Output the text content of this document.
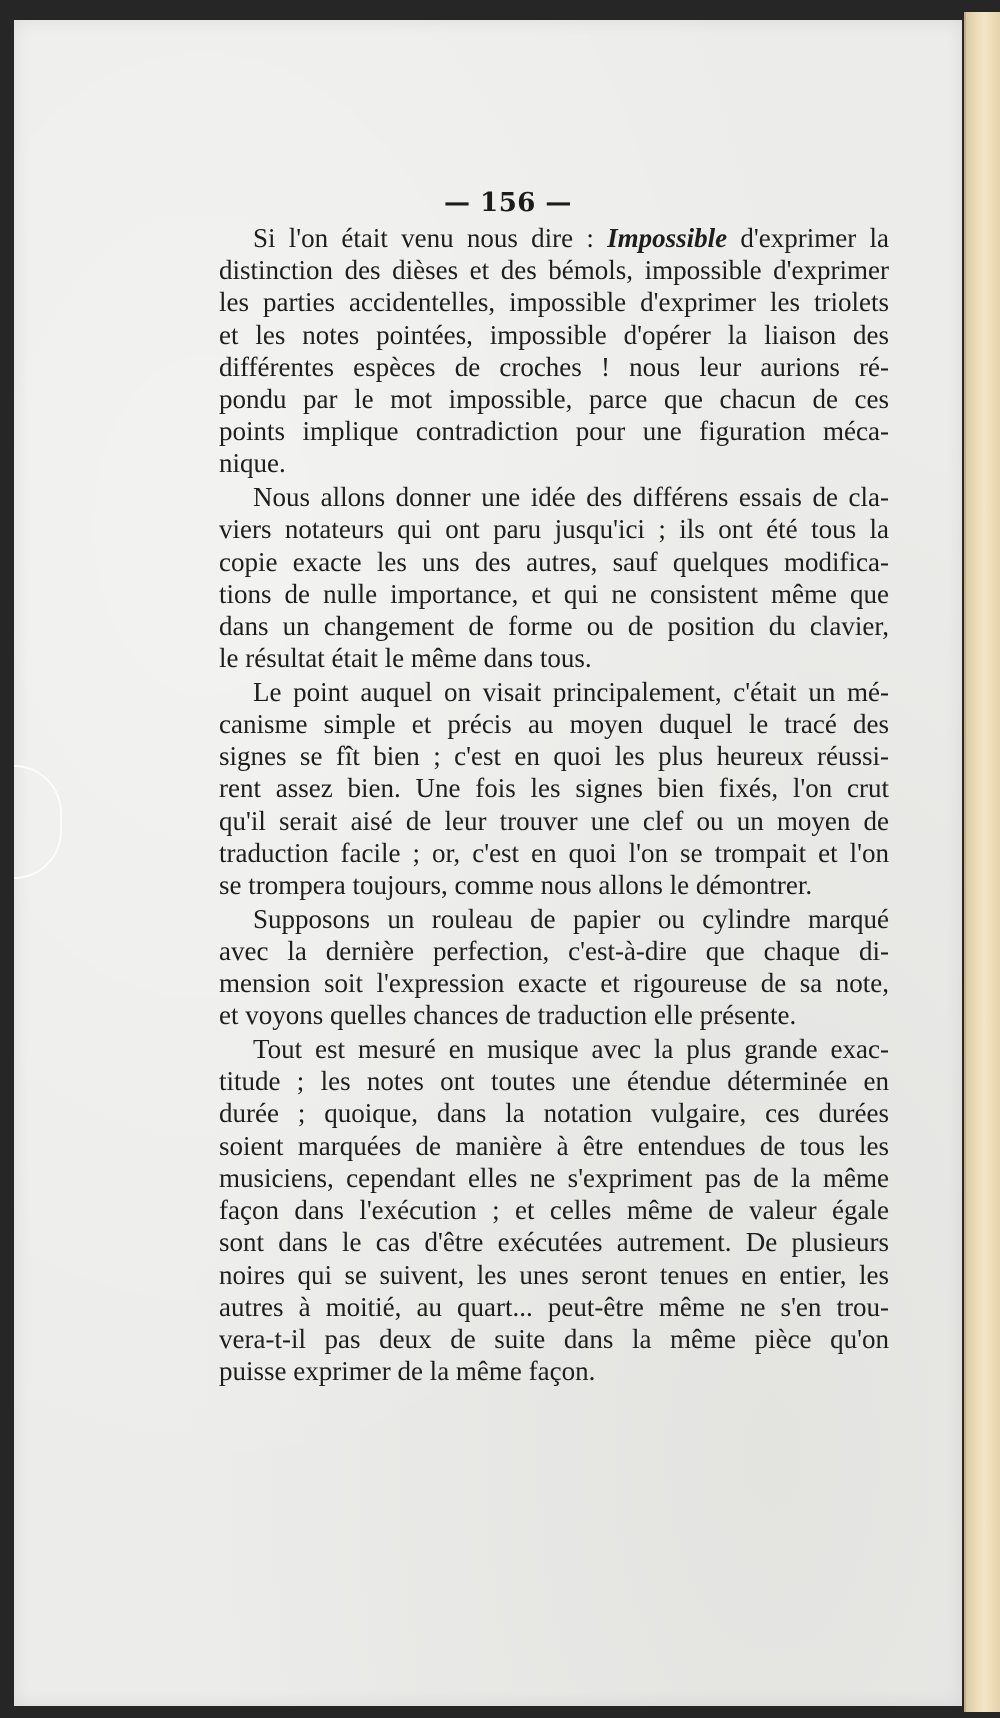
— 156 —
Si l'on était venu nous dire : Impossible d'exprimer la
distinction des dièses et des bémols, impossible d'exprimer
les parties accidentelles, impossible d'exprimer les triolets
et les notes pointées, impossible d'opérer la liaison des
différentes espèces de croches ! nous leur aurions ré-
pondu par le mot impossible, parce que chacun de ces
points implique contradiction pour une figuration méca-
nique.
Nous allons donner une idée des différens essais de cla-
viers notateurs qui ont paru jusqu'ici ; ils ont été tous la
copie exacte les uns des autres, sauf quelques modifica-
tions de nulle importance, et qui ne consistent même que
dans un changement de forme ou de position du clavier,
le résultat était le même dans tous.
Le point auquel on visait principalement, c'était un mé-
canisme simple et précis au moyen duquel le tracé des
signes se fît bien ; c'est en quoi les plus heureux réussi-
rent assez bien. Une fois les signes bien fixés, l'on crut
qu'il serait aisé de leur trouver une clef ou un moyen de
traduction facile ; or, c'est en quoi l'on se trompait et l'on
se trompera toujours, comme nous allons le démontrer.
Supposons un rouleau de papier ou cylindre marqué
avec la dernière perfection, c'est-à-dire que chaque di-
mension soit l'expression exacte et rigoureuse de sa note,
et voyons quelles chances de traduction elle présente.
Tout est mesuré en musique avec la plus grande exac-
titude ; les notes ont toutes une étendue déterminée en
durée ; quoique, dans la notation vulgaire, ces durées
soient marquées de manière à être entendues de tous les
musiciens, cependant elles ne s'expriment pas de la même
façon dans l'exécution ; et celles même de valeur égale
sont dans le cas d'être exécutées autrement. De plusieurs
noires qui se suivent, les unes seront tenues en entier, les
autres à moitié, au quart... peut-être même ne s'en trou-
vera-t-il pas deux de suite dans la même pièce qu'on
puisse exprimer de la même façon.
